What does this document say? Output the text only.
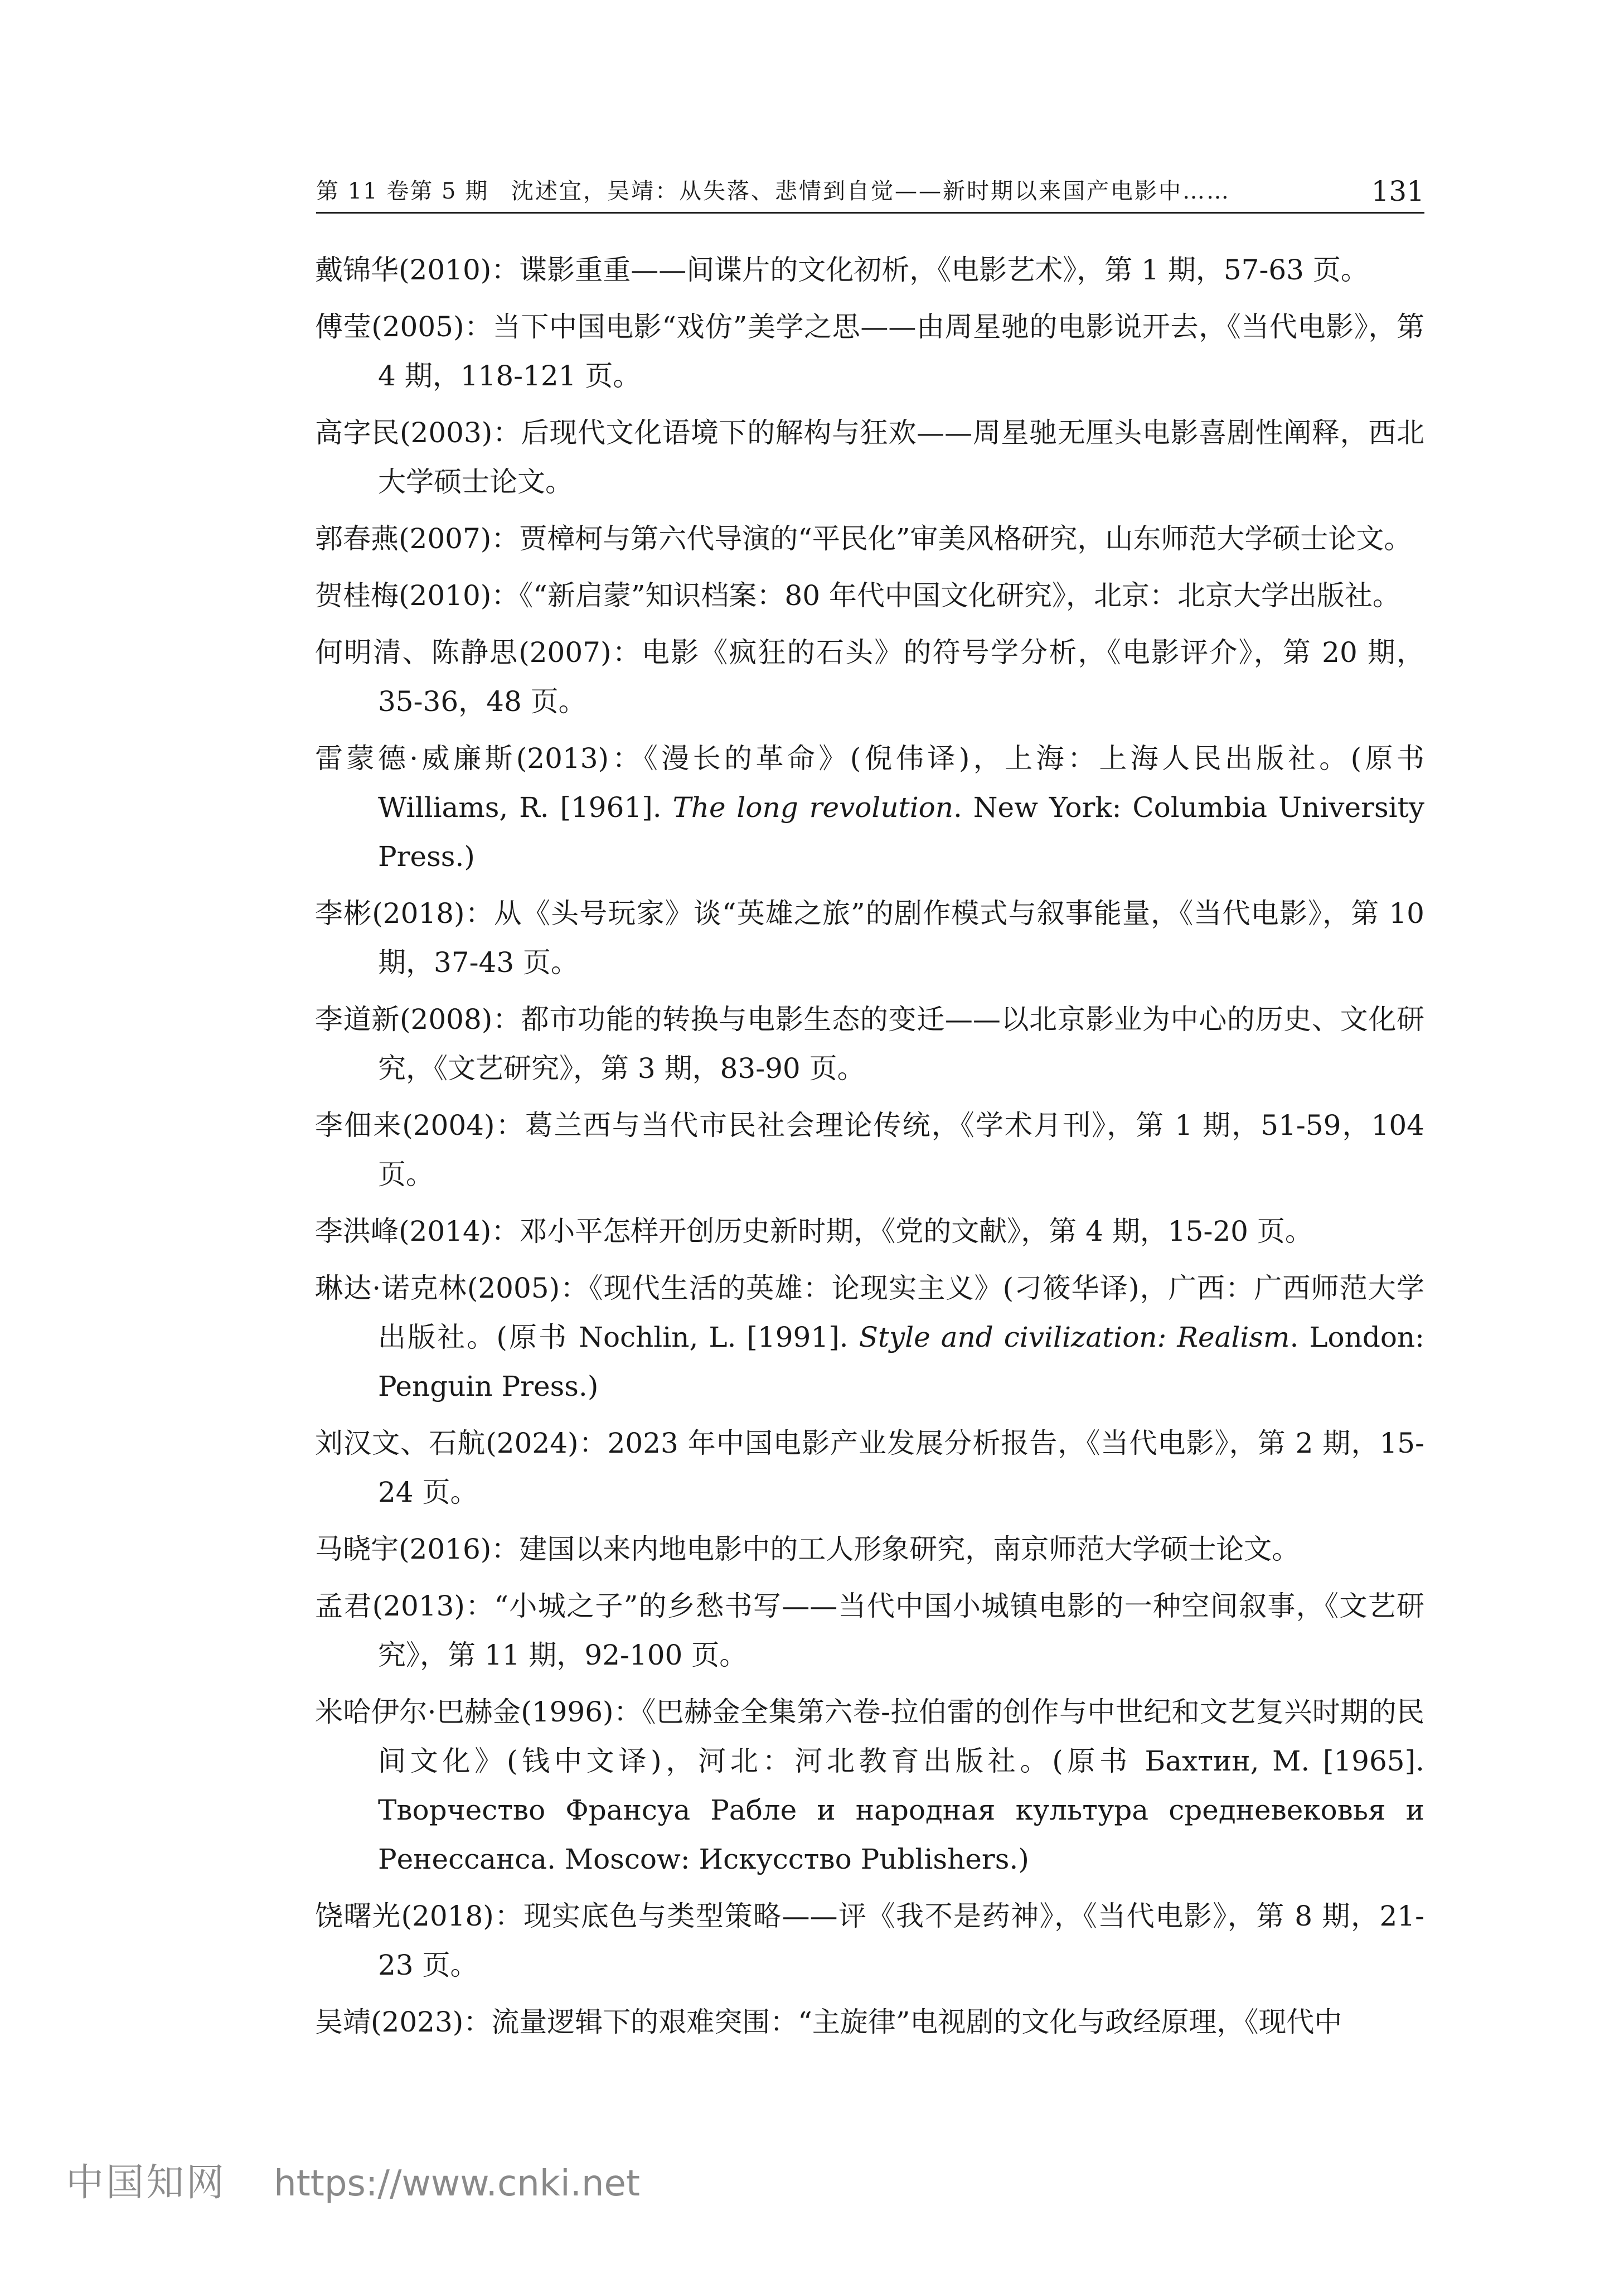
第 11 卷第 5 期 沈述宜，吴靖：从失落、悲情到自觉——新时期以来国产电影中……	131
戴锦华(2010)：谍影重重——间谍片的文化初析，《电影艺术》，第 1 期，57-63 页。
傅莹(2005)：当下中国电影“戏仿”美学之思——由周星驰的电影说开去，《当代电影》，第 4 期，118-121 页。
高字民(2003)：后现代文化语境下的解构与狂欢——周星驰无厘头电影喜剧性阐释，西北大学硕士论文。
郭春燕(2007)：贾樟柯与第六代导演的“平民化”审美风格研究，山东师范大学硕士论文。
贺桂梅(2010)：《“新启蒙”知识档案：80 年代中国文化研究》，北京：北京大学出版社。
何明清、陈静思(2007)：电影《疯狂的石头》的符号学分析，《电影评介》，第 20 期，35-36，48 页。
雷蒙德·威廉斯(2013)：《漫长的革命》(倪伟译)，上海：上海人民出版社。(原书 Williams, R. [1961]. The long revolution. New York: Columbia University Press.)
李彬(2018)：从《头号玩家》谈“英雄之旅”的剧作模式与叙事能量，《当代电影》，第 10 期，37-43 页。
李道新(2008)：都市功能的转换与电影生态的变迁——以北京影业为中心的历史、文化研究，《文艺研究》，第 3 期，83-90 页。
李佃来(2004)：葛兰西与当代市民社会理论传统，《学术月刊》，第 1 期，51-59，104 页。
李洪峰(2014)：邓小平怎样开创历史新时期，《党的文献》，第 4 期，15-20 页。
琳达·诺克林(2005)：《现代生活的英雄：论现实主义》(刁筱华译)，广西：广西师范大学出版社。(原书 Nochlin, L. [1991]. Style and civilization: Realism. London: Penguin Press.)
刘汉文、石航(2024)：2023 年中国电影产业发展分析报告，《当代电影》，第 2 期，15-24 页。
马晓宇(2016)：建国以来内地电影中的工人形象研究，南京师范大学硕士论文。
孟君(2013)：“小城之子”的乡愁书写——当代中国小城镇电影的一种空间叙事，《文艺研究》，第 11 期，92-100 页。
米哈伊尔·巴赫金(1996)：《巴赫金全集第六卷-拉伯雷的创作与中世纪和文艺复兴时期的民间文化》(钱中文译)，河北：河北教育出版社。(原书 Бахтин, М. [1965]. Творчество Франсуа Рабле и народная культура средневековья и Ренессанса. Moscow: Искусство Publishers.)
饶曙光(2018)：现实底色与类型策略——评《我不是药神》，《当代电影》，第 8 期，21-23 页。
吴靖(2023)：流量逻辑下的艰难突围：“主旋律”电视剧的文化与政经原理，《现代中
中国知网 https://www.cnki.net
